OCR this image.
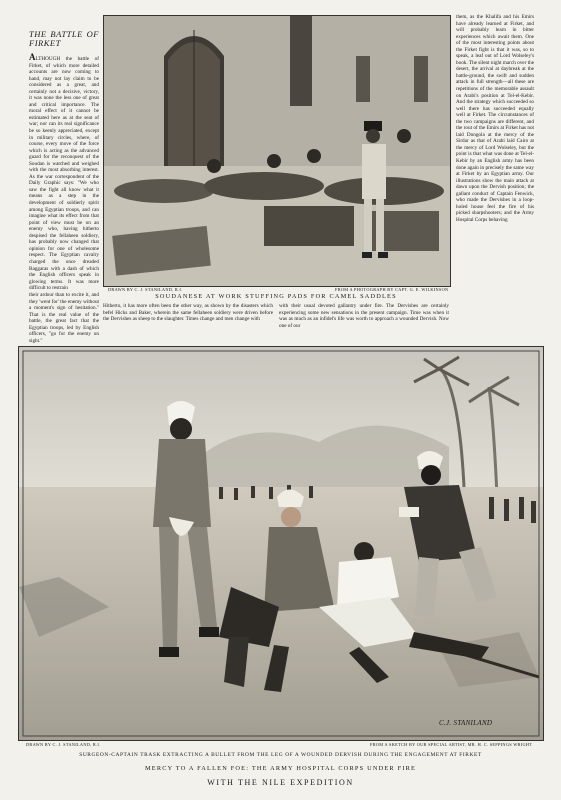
THE BATTLE OF FIRKET

ALTHOUGH the battle of Firket, of which more detailed accounts are now coming to hand, may not lay claim to be considered as a great, and certainly not a decisive, victory, it was none the less one of great and critical importance. The moral effect of it cannot be estimated here as at the seat of war; nor can its real significance be so keenly appreciated, except in military circles, where, of course, every move of the force which is acting as the advanced guard for the reconquest of the Soudan is watched and weighed with the most absorbing interest. As the war correspondent of the Daily Graphic says: "We who saw the fight all know what it means as a step in the development of soldierly spirit among Egyptian troops, and can imagine what its effect from that point of view must be on an enemy who, having hitherto despised the fellaheen soldiery, has probably now changed that opinion for one of wholesome respect. The Egyptian cavalry charged the once dreaded Baggaras with a dash of which the English officers speak in glowing terms. It was more difficult to restrain	DRAWN BY C. J. STANILAND, R.I.	FROM A PHOTOGRAPH BY CAPT. G. E. WILKINSON
SOUDANESE AT WORK STUFFING PADS FOR CAMEL SADDLES

Hitherto, it has more often been the other way, as shown by the disasters which befel Hicks and Baker, wherein the same fellaheen soldiery were driven before the Dervishes as sheep to the slaughter. Times change and men change with

with their usual devoted gallantry under fire. The Dervishes are certainly experiencing some new sensations in the present campaign. Time was when it was as much as an infidel's life was worth to approach a wounded Dervish. Now one of our

them, as the Khalifa and his Emirs have already learned at Firket, and will probably learn in bitter experiences which await them. One of the most interesting points about the Firket fight is that it was, so to speak, a leaf out of Lord Wolseley's book. The silent night march over the desert, the arrival at daybreak at the battle-ground, the swift and sudden attack in full strength—all these are repetitions of the memorable assault on Arabi's position at Tel-el-Kebir. And the strategy which succeeded so well there has succeeded equally well at Firket. The circumstances of the two campaigns are different, and the rout of the Emirs at Firket has not laid Dongola at the mercy of the Sirdar as that of Arabi laid Cairo at the mercy of Lord Wolseley, but the point is that what was done at Tel-el-Kebir by an English army has been done again in precisely the same way at Firket by an Egyptian army. Our illustrations show the main attack at dawn upon the Dervish position; the gallant conduct of Captain Fenwick, who made the Dervishes in a loop-holed house feel the fire of his picked sharpshooters; and the Army Hospital Corps behaving

their ardour than to excite it, and they 'went for' the enemy without a moment's sign of hesitation." That is the real value of the battle, the great fact that the Egyptian troops, led by English officers, "go for the enemy on sight."

C.J. STANILAND
DRAWN BY C. J. STANILAND, R.I.	FROM A SKETCH BY OUR SPECIAL ARTIST, MR. H. C. SEPPINGS WRIGHT
SURGEON-CAPTAIN TRASK EXTRACTING A BULLET FROM THE LEG OF A WOUNDED DERVISH DURING THE ENGAGEMENT AT FIRKET
MERCY TO A FALLEN FOE: THE ARMY HOSPITAL CORPS UNDER FIRE
WITH THE NILE EXPEDITION
